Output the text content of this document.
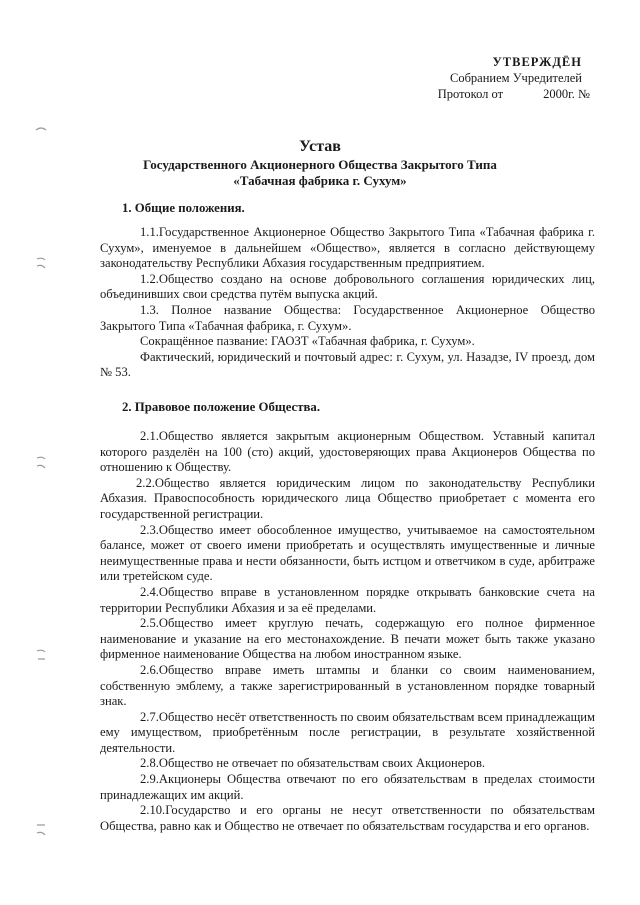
УТВЕРЖДЁН
Собранием Учредителей
Протокол от	2000г. №
Устав
Государственного Акционерного Общества Закрытого Типа
«Табачная фабрика г. Сухум»
1. Общие положения.

1.1.Государственное Акционерное Общество Закрытого Типа «Табачная фабрика г. Сухум», именуемое в дальнейшем «Общество», является в согласно действующему законодательству Республики Абхазия государственным предприятием.

1.2.Общество создано на основе добровольного соглашения юридических лиц, объединивших свои средства путём выпуска акций.

1.3. Полное название Общества: Государственное Акционерное Общество Закрытого Типа «Табачная фабрика, г. Сухум».

Сокращённое пазвание: ГАОЗТ «Табачная фабрика, г. Сухум».

Фактический, юридический и почтовый адрес: г. Сухум, ул. Назадзе, IV проезд, дом № 53.

2. Правовое положение Общества.

2.1.Общество является закрытым акционерным Обществом. Уставный капитал которого разделён на 100 (сто) акций, удостоверяющих права Акционеров Общества по отношению к Обществу.

2.2.Общество является юридическим лицом по законодательству Республики Абхазия. Правоспособность юридического лица Общество приобретает с момента его государственной регистрации.

2.3.Общество имеет обособленное имущество, учитываемое на самостоятельном балансе, может от своего имени приобретать и осуществлять имущественные и личные неимущественные права и нести обязанности, быть истцом и ответчиком в суде, арбитраже или третейском суде.

2.4.Общество вправе в установленном порядке открывать банковские счета на территории Республики Абхазия и за её пределами.

2.5.Общество имеет круглую печать, содержащую его полное фирменное наименование и указание на его местонахождение. В печати может быть также указано фирменное наименование Общества на любом иностранном языке.

2.6.Общество вправе иметь штампы и бланки со своим наименованием, собственную эмблему, а также зарегистрированный в установленном порядке товарный знак.

2.7.Общество несёт ответственность по своим обязательствам всем принадлежащим ему имуществом, приобретённым после регистрации, в результате хозяйственной деятельности.

2.8.Общество не отвечает по обязательствам своих Акционеров.

2.9.Акционеры Общества отвечают по его обязательствам в пределах стоимости принадлежащих им акций.

2.10.Государство и его органы не несут ответственности по обязательствам Общества, равно как и Общество не отвечает по обязательствам государства и его органов.
